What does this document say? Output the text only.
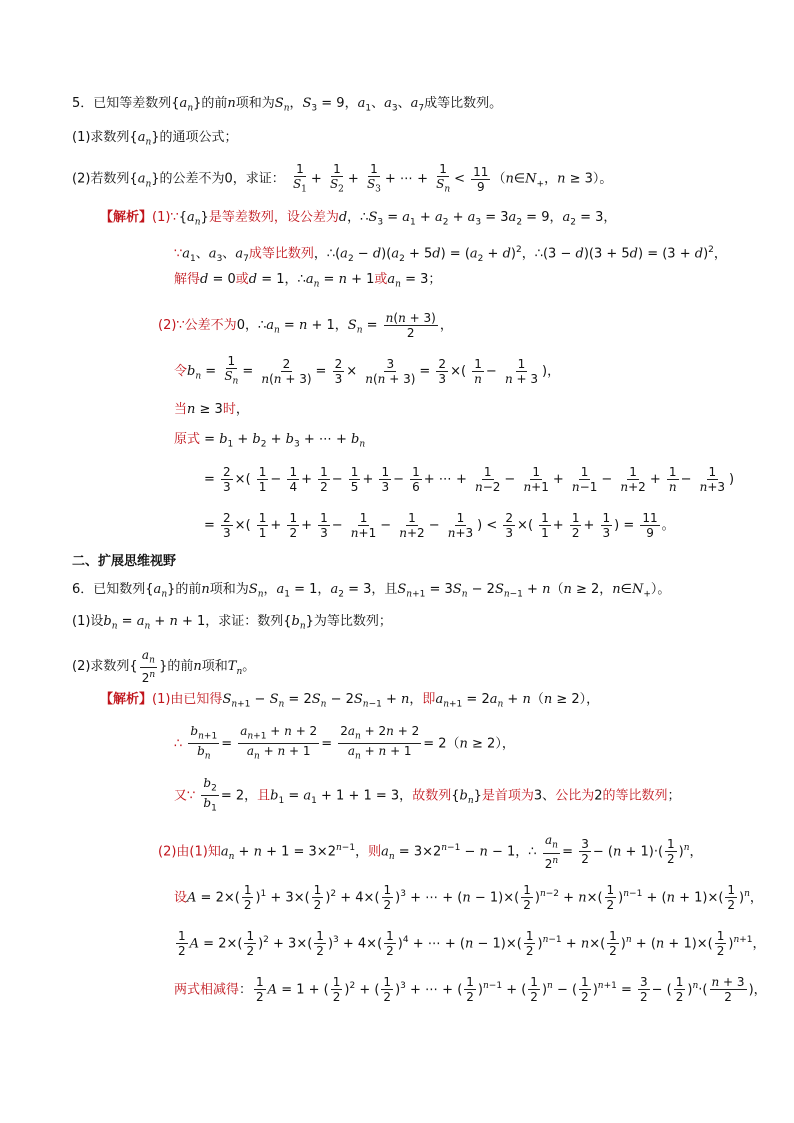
5．已知等差数列$\{a_n\}$的前n项和为$S_n$，$S_3 = 9$，$a_1$、$a_3$、$a_7$成等比数列。
(1)求数列$\{a_n\}$的通项公式；
(2)若数列$\{a_n\}$的公差不为0，求证： $\frac{1}{S_1} + \frac{1}{S_2} + \frac{1}{S_3}$ + ⋯ + $\frac{1}{S_n} < \frac{11}{9}$ （$n\in N_+$，n ≥ 3）。
【解析】$(1)\because\{a_n\}$是等差数列，设公差为d，$\therefore S_3 = a_1 + a_2 + a_3 = 3a_2 = 9$，$a_2 = 3$，
$\because a_1$、$a_3$、$a_7$成等比数列，$\therefore(a_2 - d)(a_2 + 5d) = (a_2 + d)^2$，∴(3 − $d)(3 + 5d) = (3 + d)^2$，
解得d = 0或d = 1，$\therefore a_n = n + 1$或$a_n = 3$；
(2)∵公差不为0，$\therefore a_n = n + 1$，$S_n = \frac{n(n + 3)}{2}$ ，
令$b_n = \frac{1}{S_n} = \frac{2}{n(n + 3)} = \frac{2}{3} \times \frac{3}{n(n + 3)} = \frac{2}{3}$ ×( $\frac{1}{n} - \frac{1}{n + 3}$ )，
当n ≥ 3时，
原式 = $b_1 + b_2 + b_3$ + ⋯ + $b_n$
= $\frac{2}{3}$ ×( $\frac{1}{1} - \frac{1}{4} + \frac{1}{2} - \frac{1}{5} + \frac{1}{3} - \frac{1}{6}$ + ⋯ + $\frac{1}{n-2} - \frac{1}{n+1} + \frac{1}{n-1} - \frac{1}{n+2} + \frac{1}{n} - \frac{1}{n+3}$ )
= $\frac{2}{3}$ ×( $\frac{1}{1} + \frac{1}{2} + \frac{1}{3} - \frac{1}{n+1} - \frac{1}{n+2} - \frac{1}{n+3}$ ) < $\frac{2}{3}$ ×( $\frac{1}{1} + \frac{1}{2} + \frac{1}{3}$ ) = $\frac{11}{9}$ 。
二、扩展思维视野
6．已知数列$\{a_n\}$的前n项和为$S_n$，$a_1 = 1$，$a_2 = 3$，且$S_{n+1} = 3S_n - 2S_{n-1} + n(n \ge 2$，$n\in N_+$）。
(1)设$b_n = a_n + n + 1$，求证：数列$\{b_n\}$为等比数列；
(2)求数列{ $\frac{a_n}{2^n}$ }的前n项和$T_n$。
【解析】(1)由已知得$S_{n+1} - S_n = 2S_n - 2S_{n-1} + n$，即$a_{n+1} = 2a_n + n(n \ge 2)$，
∴ $\frac{b_{n+1}}{b_n} = \frac{a_{n+1} + n + 2}{a_n + n + 1} = \frac{2a_n + 2n + 2}{a_n + n + 1} = 2(n \ge 2)$，
又∵ $\frac{b_2}{b_1} = 2$，且$b_1 = a_1 + 1 + 1 = 3$，故数列$\{b_n\}$是首项为3、公比为2的等比数列；
(2)由(1)知$a_n + n + 1 = 3\times 2^{n-1}$，则$a_n = 3\times 2^{n-1} - n - 1$，∴ $\frac{a_n}{2^n} = \frac{3}{2} - (n + 1)\cdot( \frac{1}{2} )^n$，
设$A = 2\times( \frac{1}{2} )^1 + 3\times( \frac{1}{2} )^2 + 4\times( \frac{1}{2} )^3$ + ⋯ + $(n - 1)\times( \frac{1}{2} )^{n-2} + n\times( \frac{1}{2} )^{n-1} + (n + 1)\times( \frac{1}{2} )^n$，
$\frac{1}{2}$ $A = 2\times( \frac{1}{2} )^2 + 3\times( \frac{1}{2} )^3 + 4\times( \frac{1}{2} )^4$ + ⋯ + $(n - 1)\times( \frac{1}{2} )^{n-1} + n\times( \frac{1}{2} )^n + (n + 1)\times( \frac{1}{2} )^{n+1}$，
两式相减得： $\frac{1}{2}$ A = 1 + ( $\frac{1}{2} )^2$ + ( $\frac{1}{2} )^3$ + ⋯ + ( $\frac{1}{2} )^{n-1}$ + ( $\frac{1}{2} )^n$ − ( $\frac{1}{2} )^{n+1} = \frac{3}{2}$ − ( $\frac{1}{2} )^n\cdot( \frac{n + 3}{2}$ )，
